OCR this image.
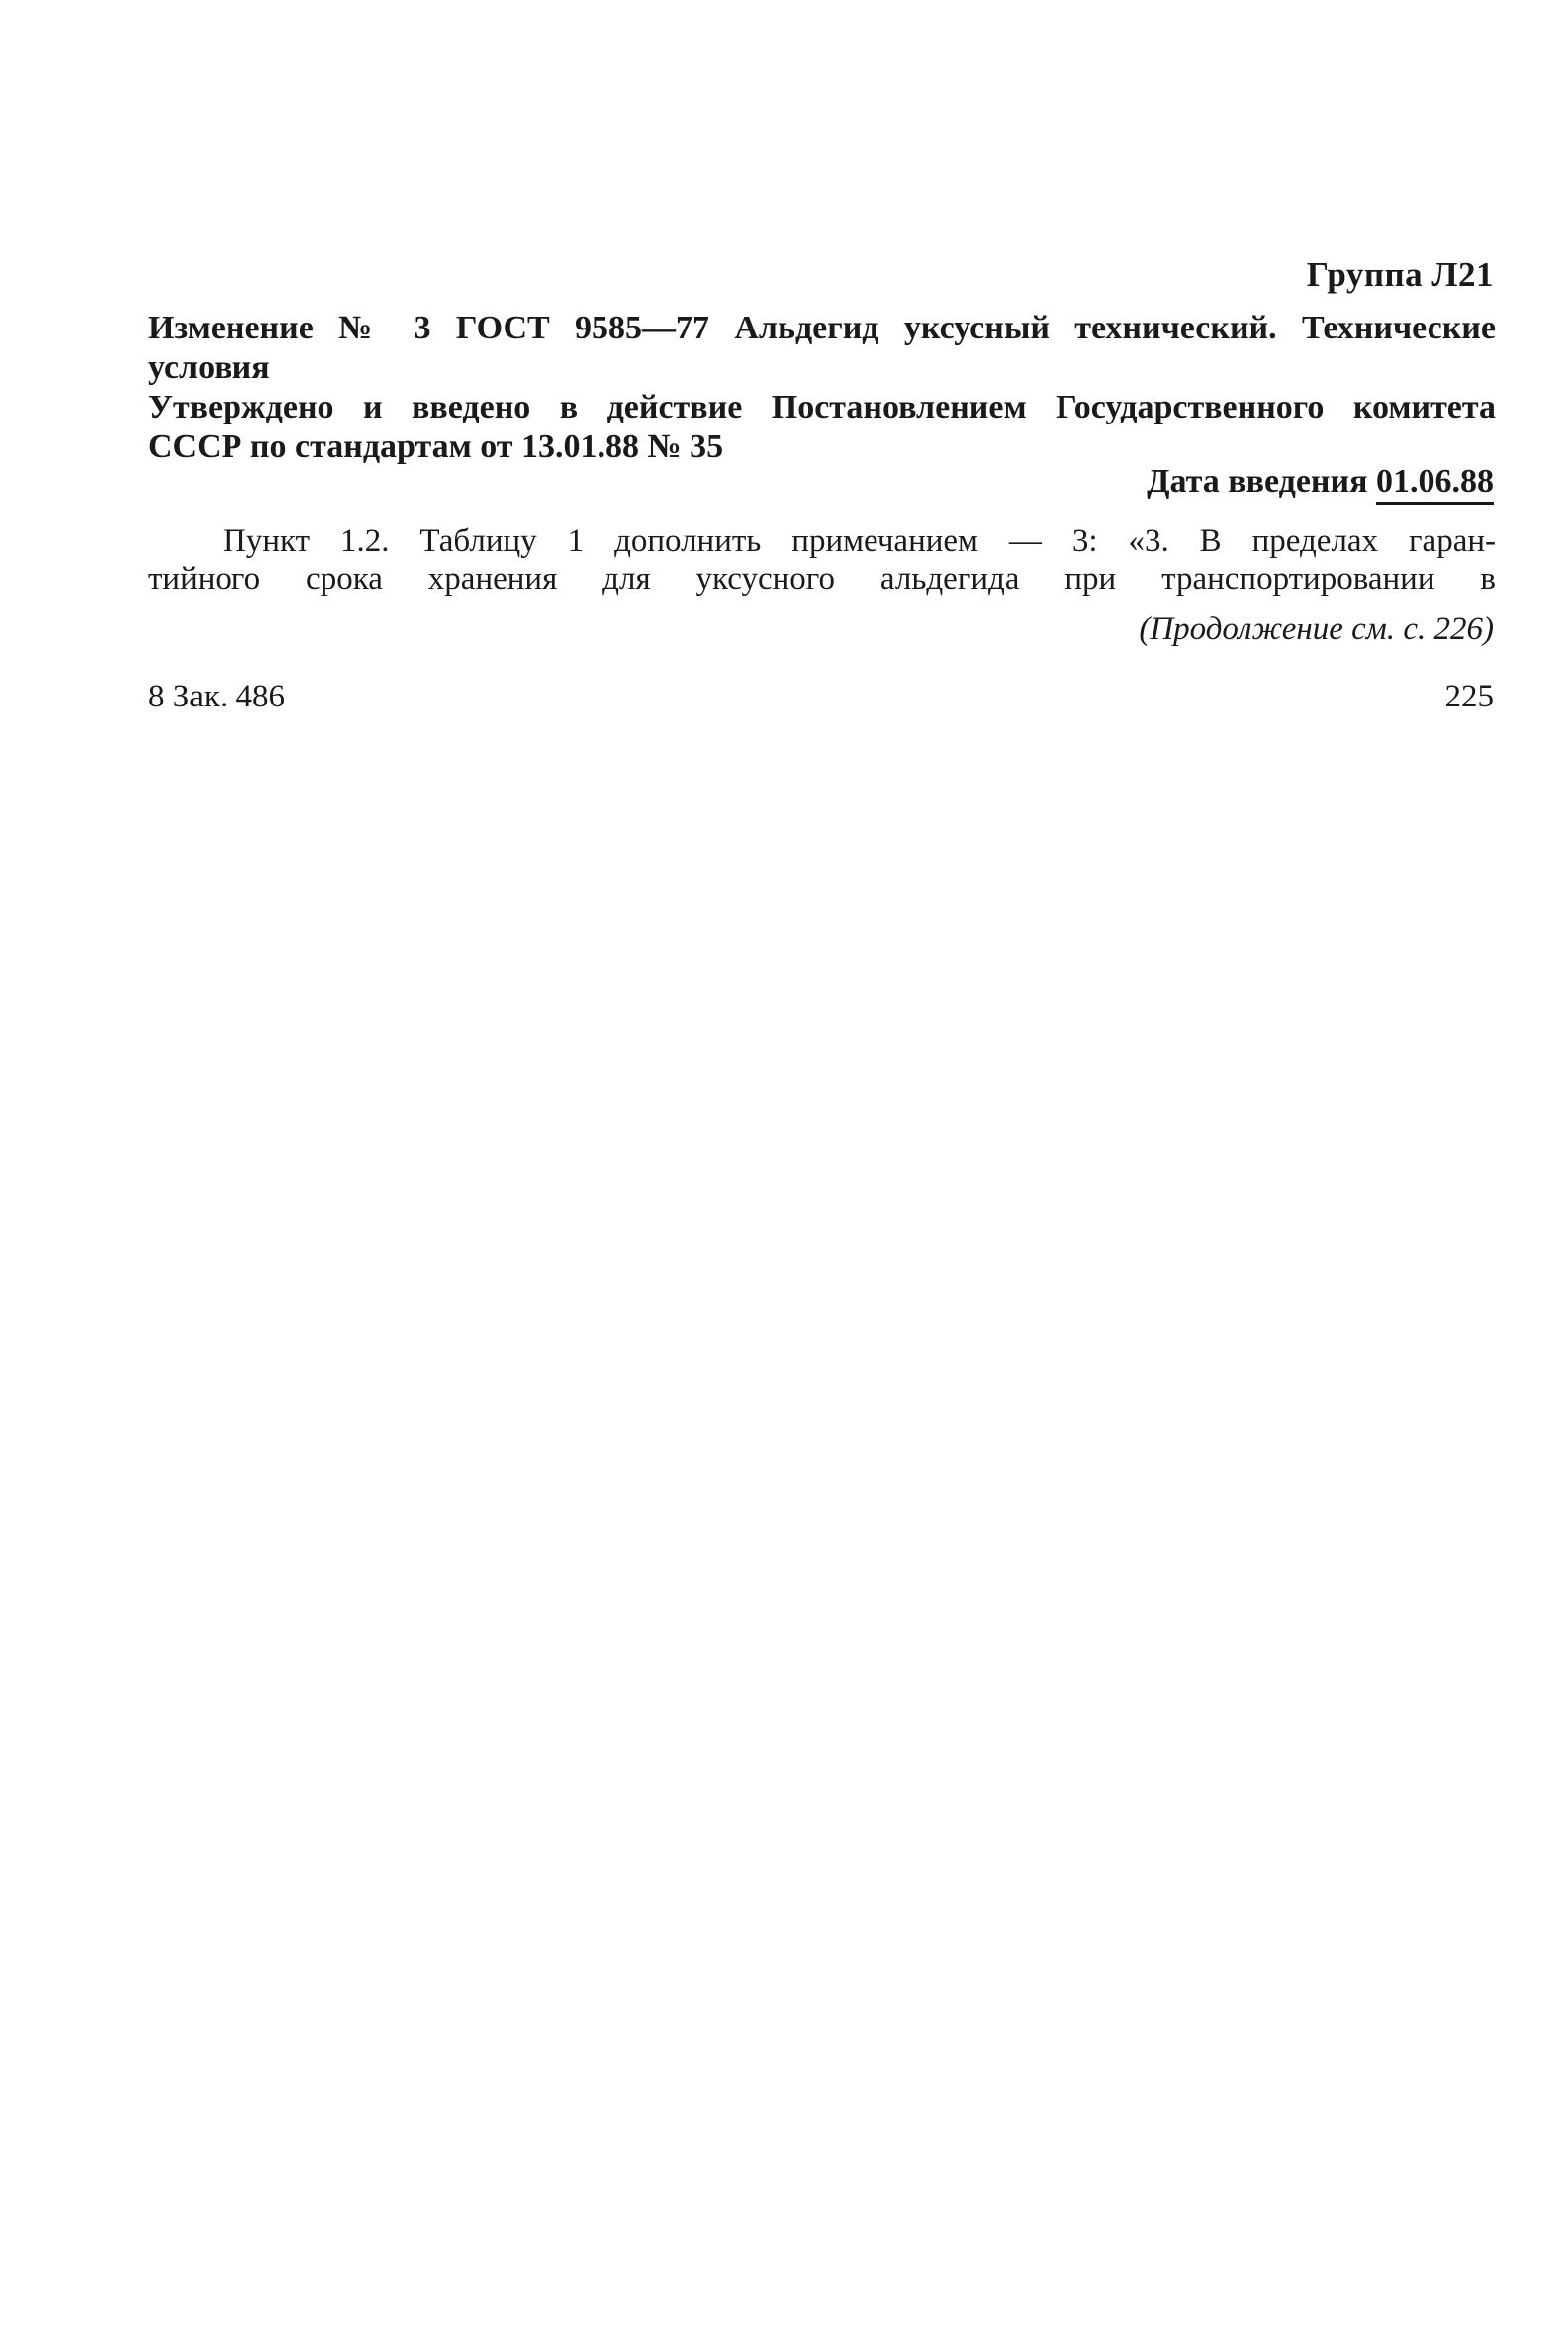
Группа Л21
Изменение № 3 ГОСТ 9585—77 Альдегид уксусный технический. Технические
условия
Утверждено и введено в действие Постановлением Государственного комитета
СССР по стандартам от 13.01.88 № 35
Дата введения 01.06.88
Пункт 1.2. Таблицу 1 дополнить примечанием — 3: «3. В пределах гаран-
тийного срока хранения для уксусного альдегида при транспортировании в
(Продолжение см. с. 226)
8 Зак. 486	225
